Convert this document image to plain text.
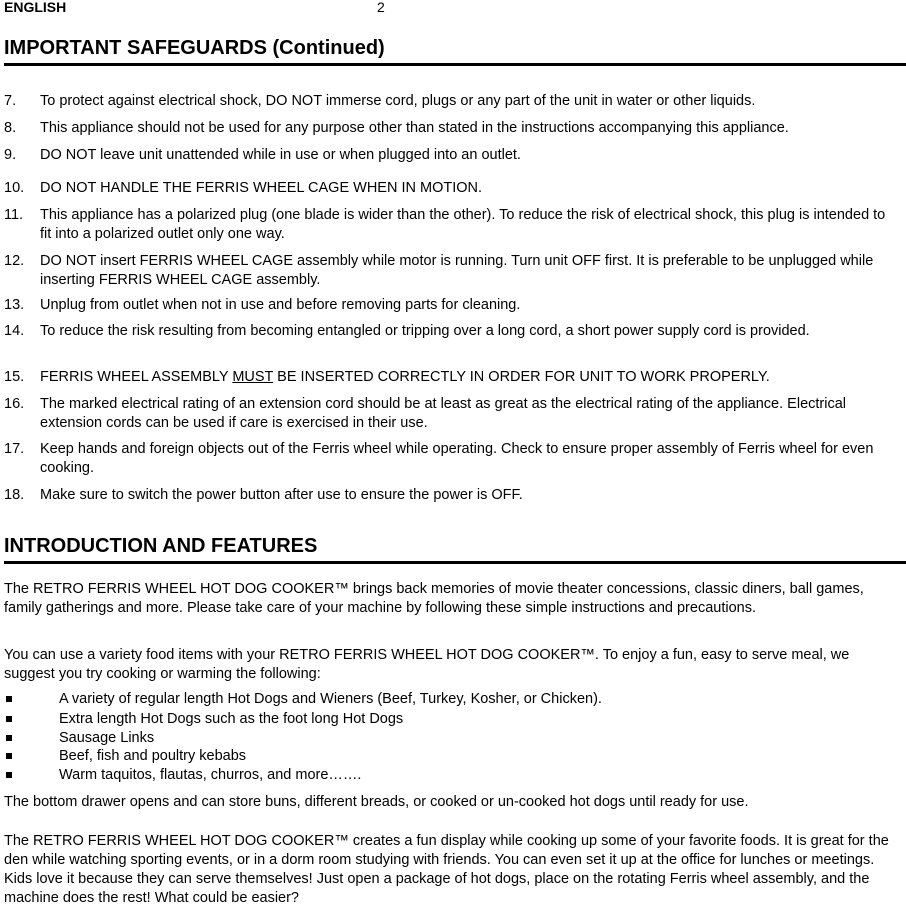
ENGLISH	2
IMPORTANT SAFEGUARDS (Continued)
7. To protect against electrical shock, DO NOT immerse cord, plugs or any part of the unit in water or other liquids.
8. This appliance should not be used for any purpose other than stated in the instructions accompanying this appliance.
9. DO NOT leave unit unattended while in use or when plugged into an outlet.
10. DO NOT HANDLE THE FERRIS WHEEL CAGE WHEN IN MOTION.
11. This appliance has a polarized plug (one blade is wider than the other). To reduce the risk of electrical shock, this plug is intended to fit into a polarized outlet only one way.
12. DO NOT insert FERRIS WHEEL CAGE assembly while motor is running. Turn unit OFF first. It is preferable to be unplugged while inserting FERRIS WHEEL CAGE assembly.
13. Unplug from outlet when not in use and before removing parts for cleaning.
14. To reduce the risk resulting from becoming entangled or tripping over a long cord, a short power supply cord is provided.
15. FERRIS WHEEL ASSEMBLY MUST BE INSERTED CORRECTLY IN ORDER FOR UNIT TO WORK PROPERLY.
16. The marked electrical rating of an extension cord should be at least as great as the electrical rating of the appliance. Electrical extension cords can be used if care is exercised in their use.
17. Keep hands and foreign objects out of the Ferris wheel while operating. Check to ensure proper assembly of Ferris wheel for even cooking.
18. Make sure to switch the power button after use to ensure the power is OFF.
INTRODUCTION AND FEATURES

The RETRO FERRIS WHEEL HOT DOG COOKER™ brings back memories of movie theater concessions, classic diners, ball games, family gatherings and more. Please take care of your machine by following these simple instructions and precautions.

You can use a variety food items with your RETRO FERRIS WHEEL HOT DOG COOKER™. To enjoy a fun, easy to serve meal, we suggest you try cooking or warming the following:

A variety of regular length Hot Dogs and Wieners (Beef, Turkey, Kosher, or Chicken).
Extra length Hot Dogs such as the foot long Hot Dogs
Sausage Links
Beef, fish and poultry kebabs
Warm taquitos, flautas, churros, and more…….

The bottom drawer opens and can store buns, different breads, or cooked or un-cooked hot dogs until ready for use.

The RETRO FERRIS WHEEL HOT DOG COOKER™ creates a fun display while cooking up some of your favorite foods. It is great for the den while watching sporting events, or in a dorm room studying with friends. You can even set it up at the office for lunches or meetings. Kids love it because they can serve themselves! Just open a package of hot dogs, place on the rotating Ferris wheel assembly, and the machine does the rest! What could be easier?
